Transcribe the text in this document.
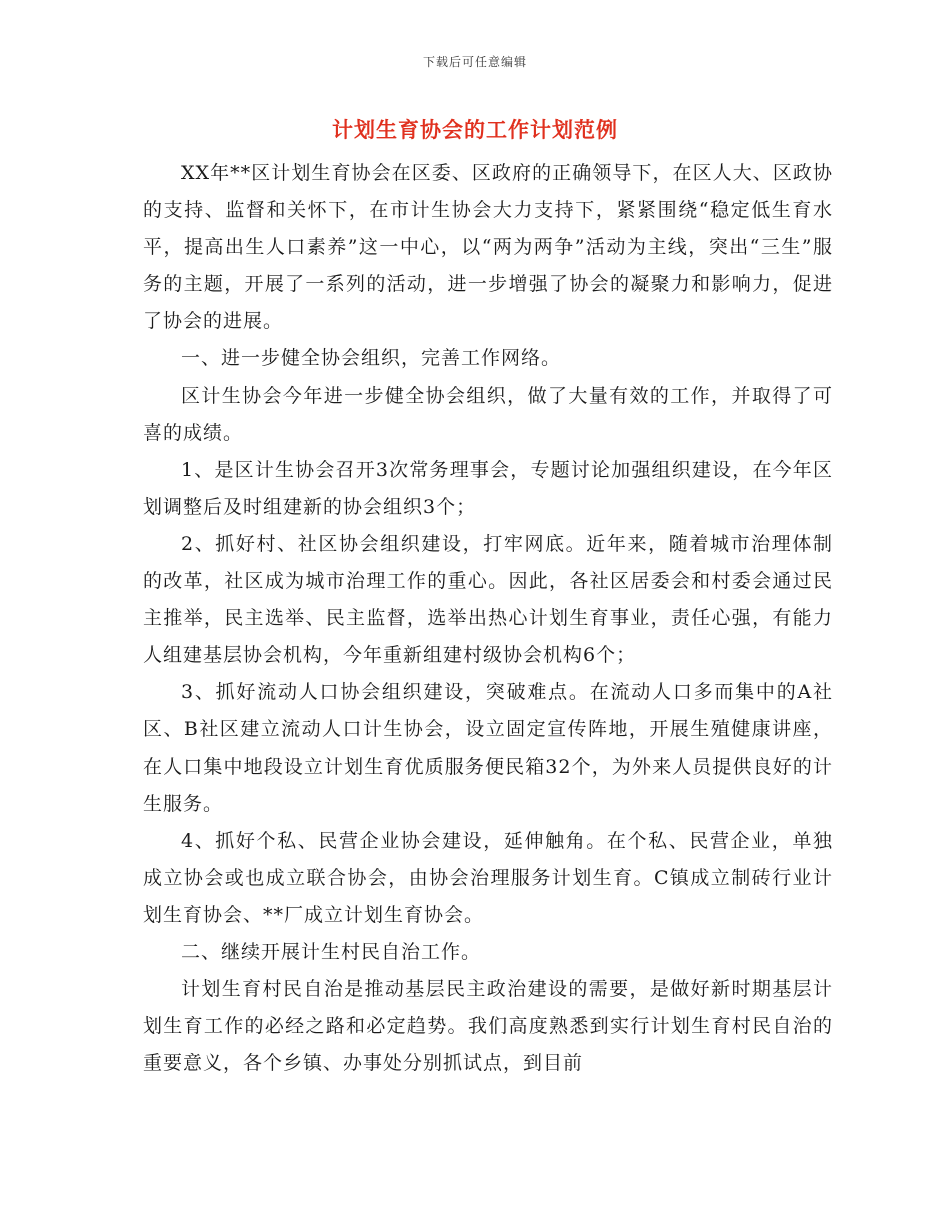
下载后可任意编辑
计划生育协会的工作计划范例

XX年**区计划生育协会在区委、区政府的正确领导下，在区人大、区政协的支持、监督和关怀下，在市计生协会大力支持下，紧紧围绕“稳定低生育水平，提高出生人口素养”这一中心，以“两为两争”活动为主线，突出“三生”服务的主题，开展了一系列的活动，进一步增强了协会的凝聚力和影响力，促进了协会的进展。

一、进一步健全协会组织，完善工作网络。

区计生协会今年进一步健全协会组织，做了大量有效的工作，并取得了可喜的成绩。

1、是区计生协会召开3次常务理事会，专题讨论加强组织建设，在今年区划调整后及时组建新的协会组织3个；

2、抓好村、社区协会组织建设，打牢网底。近年来，随着城市治理体制的改革，社区成为城市治理工作的重心。因此，各社区居委会和村委会通过民主推举，民主选举、民主监督，选举出热心计划生育事业，责任心强，有能力人组建基层协会机构，今年重新组建村级协会机构6个；

3、抓好流动人口协会组织建设，突破难点。在流动人口多而集中的A社区、B社区建立流动人口计生协会，设立固定宣传阵地，开展生殖健康讲座，在人口集中地段设立计划生育优质服务便民箱32个，为外来人员提供良好的计生服务。

4、抓好个私、民营企业协会建设，延伸触角。在个私、民营企业，单独成立协会或也成立联合协会，由协会治理服务计划生育。C镇成立制砖行业计划生育协会、**厂成立计划生育协会。

二、继续开展计生村民自治工作。

计划生育村民自治是推动基层民主政治建设的需要，是做好新时期基层计划生育工作的必经之路和必定趋势。我们高度熟悉到实行计划生育村民自治的重要意义，各个乡镇、办事处分别抓试点，到目前
